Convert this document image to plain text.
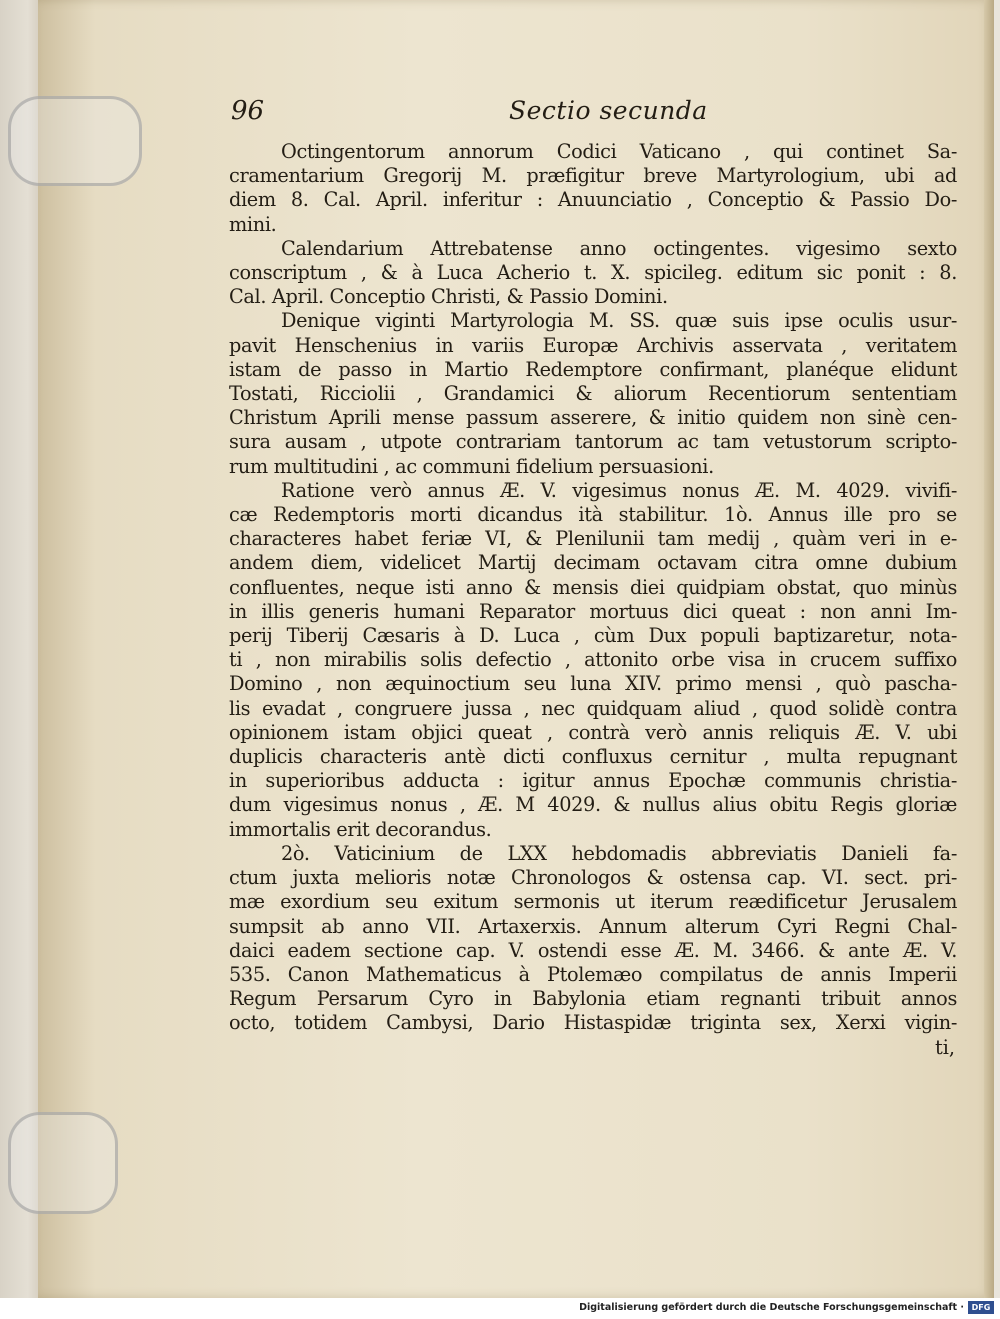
96	Sectio secunda
Octingentorum annorum Codici Vaticano , qui continet Sa-
cramentarium Gregorij M. præfigitur breve Martyrologium, ubi ad
diem 8. Cal. April. inferitur : Anuunciatio , Conceptio & Passio Do-
mini.
Calendarium Attrebatense anno octingentes. vigesimo sexto
conscriptum , & à Luca Acherio t. X. spicileg. editum sic ponit : 8.
Cal. April. Conceptio Christi, & Passio Domini.
Denique viginti Martyrologia M. SS. quæ suis ipse oculis usur-
pavit Henschenius in variis Europæ Archivis asservata , veritatem
istam de passo in Martio Redemptore confirmant, planéque elidunt
Tostati, Ricciolii , Grandamici & aliorum Recentiorum sententiam
Christum Aprili mense passum asserere, & initio quidem non sinè cen-
sura ausam , utpote contrariam tantorum ac tam vetustorum scripto-
rum multitudini , ac communi fidelium persuasioni.
Ratione verò annus Æ. V. vigesimus nonus Æ. M. 4029. vivifi-
cæ Redemptoris morti dicandus ità stabilitur. 1ò. Annus ille pro se
characteres habet feriæ VI, & Plenilunii tam medij , quàm veri in e-
andem diem, videlicet Martij decimam octavam citra omne dubium
confluentes, neque isti anno & mensis diei quidpiam obstat, quo minùs
in illis generis humani Reparator mortuus dici queat : non anni Im-
perij Tiberij Cæsaris à D. Luca , cùm Dux populi baptizaretur, nota-
ti , non mirabilis solis defectio , attonito orbe visa in crucem suffixo
Domino , non æquinoctium seu luna XIV. primo mensi , quò pascha-
lis evadat , congruere jussa , nec quidquam aliud , quod solidè contra
opinionem istam objici queat , contrà verò annis reliquis Æ. V. ubi
duplicis characteris antè dicti confluxus cernitur , multa repugnant
in superioribus adducta : igitur annus Epochæ communis christia-
dum vigesimus nonus , Æ. M 4029. & nullus alius obitu Regis gloriæ
immortalis erit decorandus.
2ò. Vaticinium de LXX hebdomadis abbreviatis Danieli fa-
ctum juxta melioris notæ Chronologos & ostensa cap. VI. sect. pri-
mæ exordium seu exitum sermonis ut iterum reædificetur Jerusalem
sumpsit ab anno VII. Artaxerxis. Annum alterum Cyri Regni Chal-
daici eadem sectione cap. V. ostendi esse Æ. M. 3466. & ante Æ. V.
535. Canon Mathematicus à Ptolemæo compilatus de annis Imperii
Regum Persarum Cyro in Babylonia etiam regnanti tribuit annos
octo, totidem Cambysi, Dario Histaspidæ triginta sex, Xerxi vigin-
ti,
Digitalisierung gefördert durch die Deutsche Forschungsgemeinschaft · DFG
